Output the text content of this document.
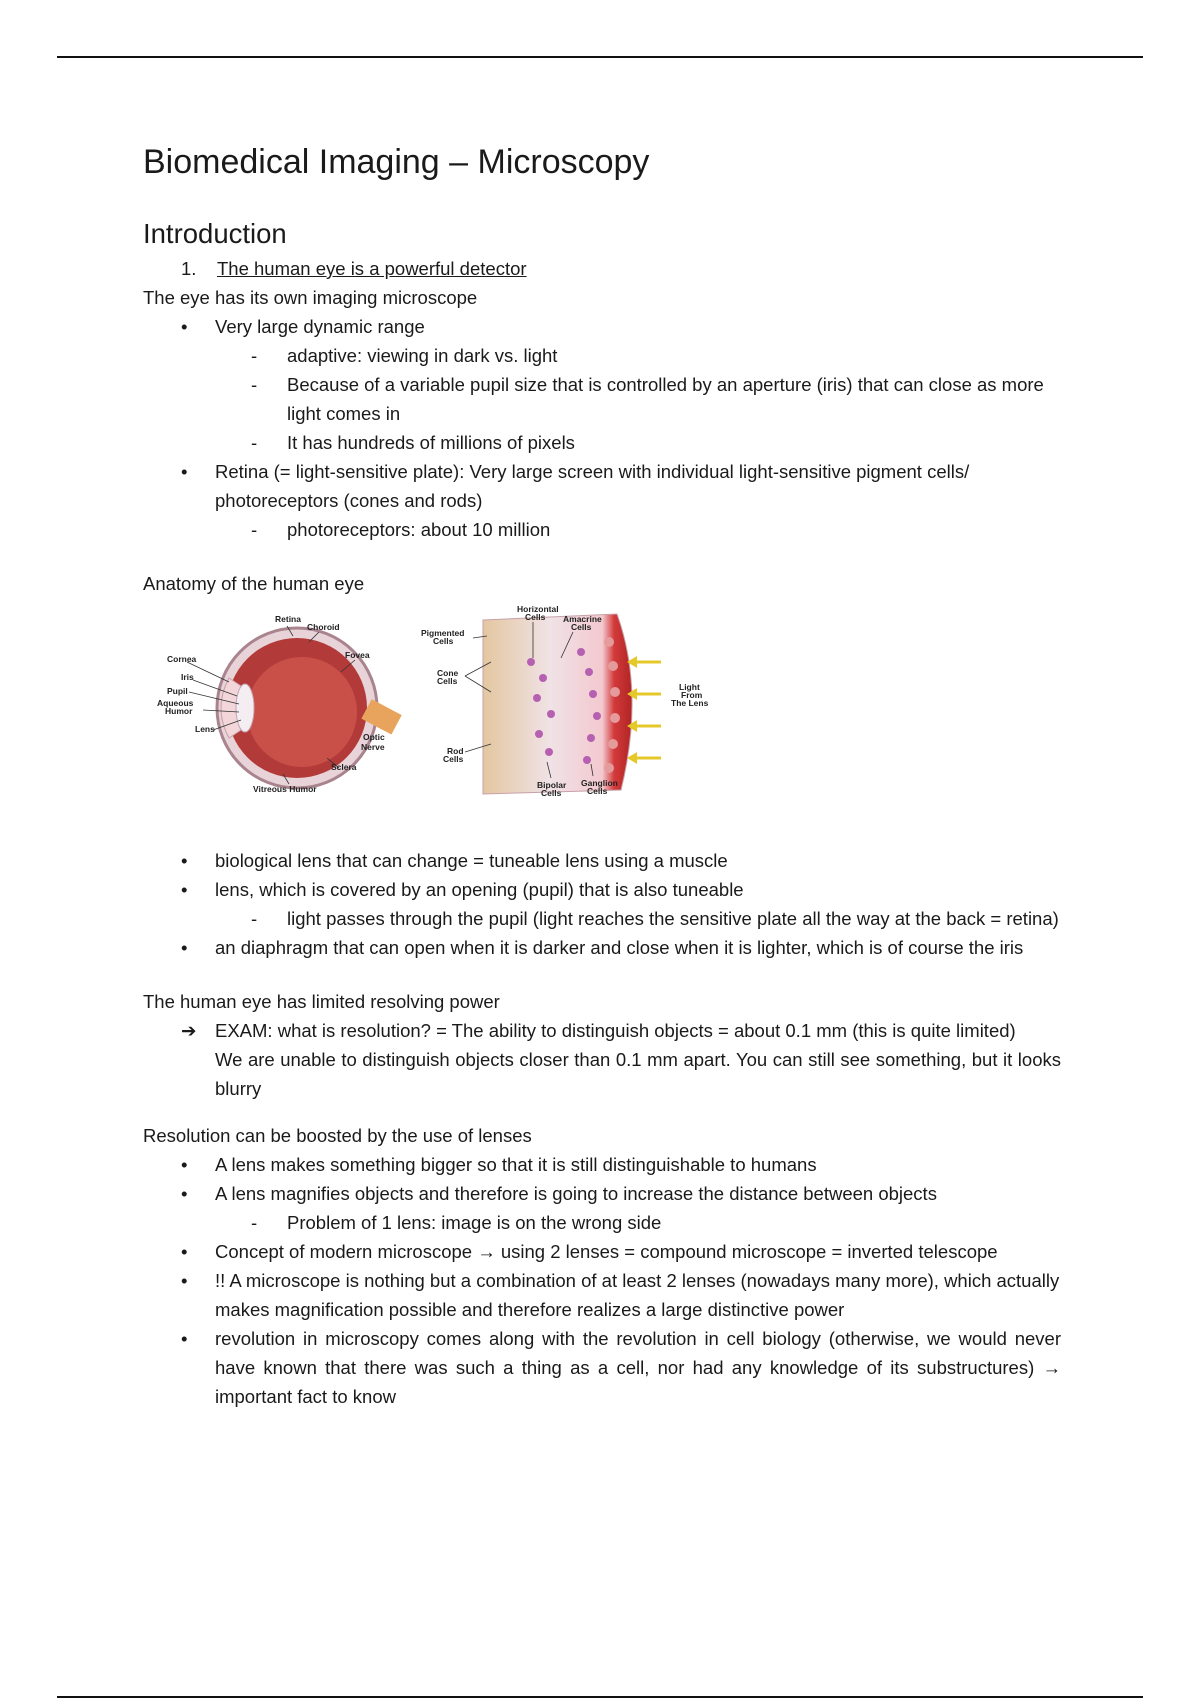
Biomedical Imaging – Microscopy
Introduction
1. The human eye is a powerful detector

The eye has its own imaging microscope

• Very large dynamic range
- adaptive: viewing in dark vs. light
- Because of a variable pupil size that is controlled by an aperture (iris) that can close as more light comes in
- It has hundreds of millions of pixels
• Retina (= light-sensitive plate): Very large screen with individual light-sensitive pigment cells/ photoreceptors (cones and rods)
- photoreceptors: about 10 million

Anatomy of the human eye

Retina
Choroid
Cornea	Fovea
Iris
Pupil
Aqueous
Humor
Lens
Optic
Nerve
Sclera
Vitreous Humor
Horizontal
Cells Amacrine
Cells
Pigmented
Cells
Cone
Cells
Rod
Cells
Light
From
The Lens
Bipolar
Cells
Ganglion
Cells
• biological lens that can change = tuneable lens using a muscle
• lens, which is covered by an opening (pupil) that is also tuneable
- light passes through the pupil (light reaches the sensitive plate all the way at the back = retina)
• an diaphragm that can open when it is darker and close when it is lighter, which is of course the iris

The human eye has limited resolving power

➔ EXAM: what is resolution? = The ability to distinguish objects = about 0.1 mm (this is quite limited)
We are unable to distinguish objects closer than 0.1 mm apart. You can still see something, but it looks blurry

Resolution can be boosted by the use of lenses

• A lens makes something bigger so that it is still distinguishable to humans
• A lens magnifies objects and therefore is going to increase the distance between objects
- Problem of 1 lens: image is on the wrong side
• Concept of modern microscope → using 2 lenses = compound microscope = inverted telescope
• !! A microscope is nothing but a combination of at least 2 lenses (nowadays many more), which actually makes magnification possible and therefore realizes a large distinctive power
• revolution in microscopy comes along with the revolution in cell biology (otherwise, we would never have known that there was such a thing as a cell, nor had any knowledge of its substructures) → important fact to know
